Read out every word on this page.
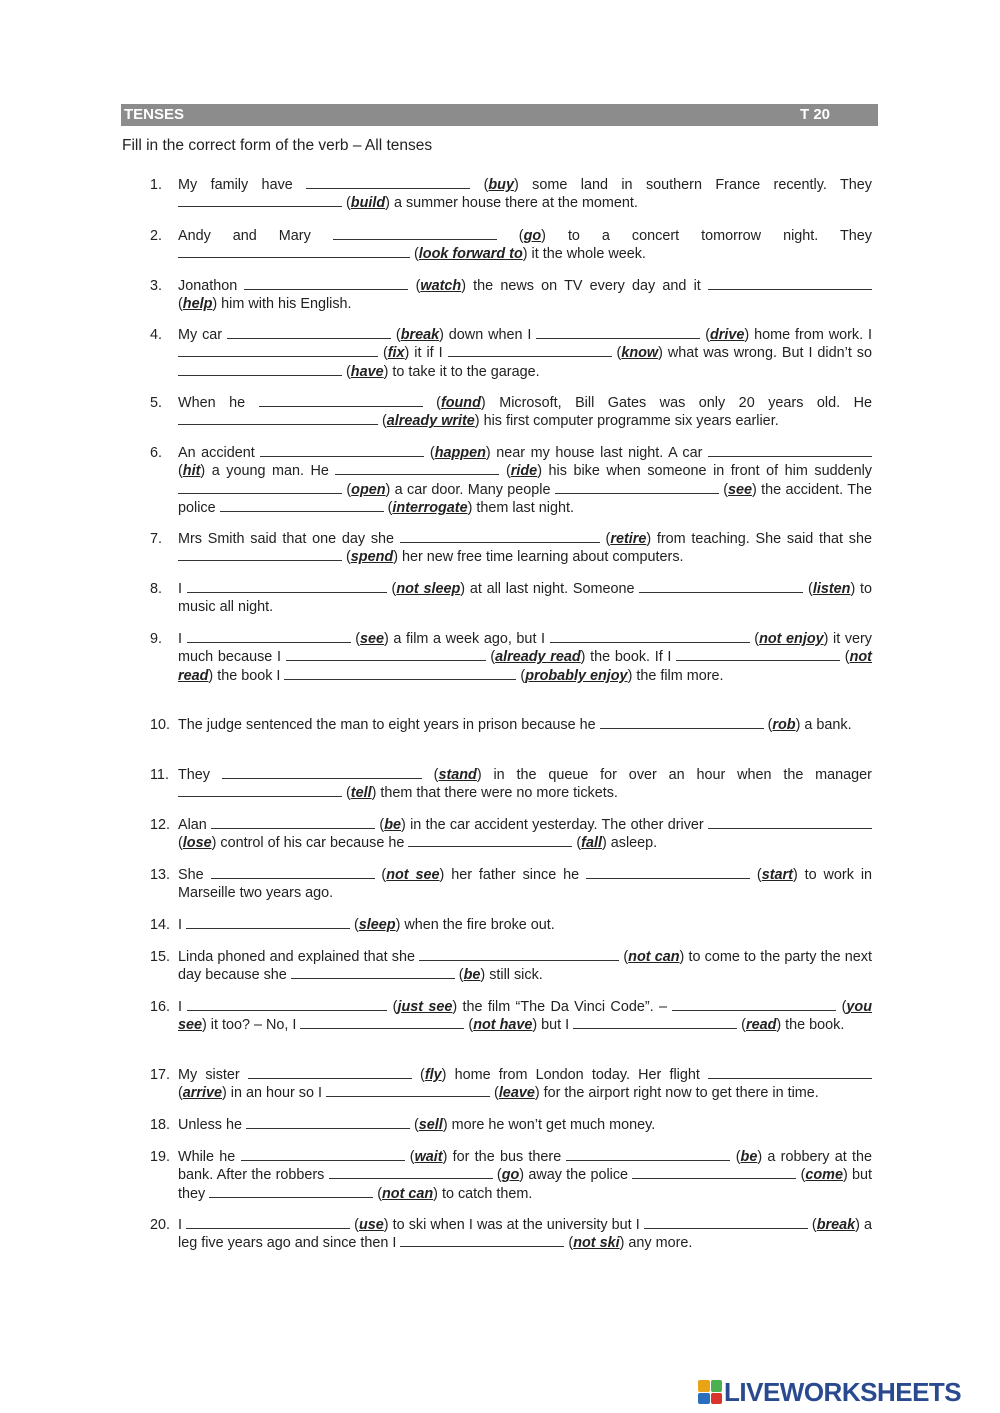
TENSES	T 20
Fill in the correct form of the verb – All tenses
1.	My family have	(buy) some land in southern France recently. They  (build) a summer house there at the moment.
2.	Andy and Mary	(go) to a concert tomorrow night. They  (look forward to) it the whole week.
3.	Jonathon	(watch) the news on TV every day and it  (help) him with his English.
4.	My car	(break) down when I	(drive) home from work. I  (fix) it if I	(know) what was wrong. But I didn’t so  (have) to take it to the garage.
5.	When he	(found) Microsoft, Bill Gates was only 20 years old. He  (already write) his first computer programme six years earlier.
6.	An accident	(happen) near my house last night. A car  (hit) a young man. He	(ride) his bike when someone in front of him suddenly  (open) a car door. Many people	(see) the accident. The police	(interrogate) them last night.
7.	Mrs Smith said that one day she	(retire) from teaching. She said that she  (spend) her new free time learning about computers.
8.	I	(not sleep) at all last night. Someone	(listen) to music all night.
9.	I	(see) a film a week ago, but I	(not enjoy) it very much because I	(already read) the book. If I	(not read) the book I	(probably enjoy) the film more.
10. The judge sentenced the man to eight years in prison because he	(rob) a bank.
11. They	(stand) in the queue for over an hour when the manager  (tell) them that there were no more tickets.
12. Alan	(be) in the car accident yesterday. The other driver  (lose) control of his car because he	(fall) asleep.
13. She	(not see) her father since he	(start) to work in Marseille two years ago.
14. I	(sleep) when the fire broke out.
15. Linda phoned and explained that she	(not can) to come to the party the next day because she	(be) still sick.
16. I	(just see) the film “The Da Vinci Code”. –	(you see) it too? – No, I	(not have) but I	(read) the book.
17. My sister	(fly) home from London today. Her flight  (arrive) in an hour so I	(leave) for the airport right now to get there in time.
18. Unless he	(sell) more he won’t get much money.
19. While he	(wait) for the bus there	(be) a robbery at the bank. After the robbers	(go) away the police	(come) but they	(not can) to catch them.
20. I	(use) to ski when I was at the university but I	(break) a leg five years ago and since then I	(not ski) any more.
LIVEWORKSHEETS
